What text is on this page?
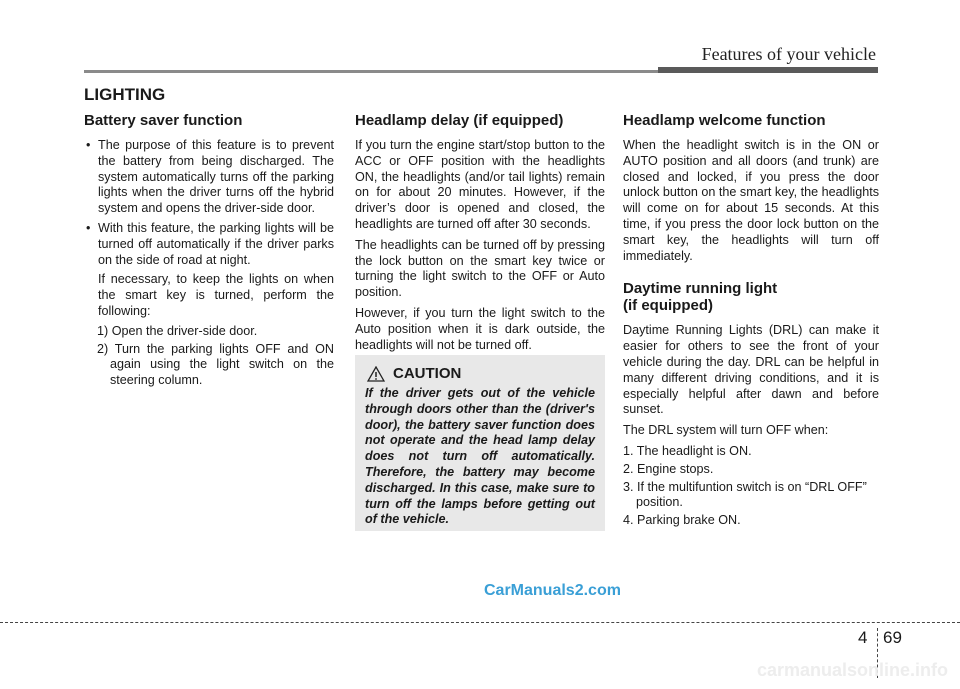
Features of your vehicle
LIGHTING
Battery saver function
• The purpose of this feature is to prevent the battery from being discharged. The system automatically turns off the parking lights when the driver turns off the hybrid system and opens the driver-side door.
• With this feature, the parking lights will be turned off automatically if the driver parks on the side of road at night.
If necessary, to keep the lights on when the smart key is turned, perform the following:
1) Open the driver-side door.
2) Turn the parking lights OFF and ON again using the light switch on the steering column.
Headlamp delay (if equipped)

If you turn the engine start/stop button to the ACC or OFF position with the headlights ON, the headlights (and/or tail lights) remain on for about 20 minutes. However, if the driver’s door is opened and closed, the headlights are turned off after 30 seconds.

The headlights can be turned off by pressing the lock button on the smart key twice or turning the light switch to the OFF or Auto position.

However, if you turn the light switch to the Auto position when it is dark outside, the headlights will not be turned off.

CAUTION
If the driver gets out of the vehicle through doors other than the (driver's door), the battery saver function does not operate and the head lamp delay does not turn off automatically. Therefore, the battery may become discharged. In this case, make sure to turn off the lamps before getting out of the vehicle.
Headlamp welcome function

When the headlight switch is in the ON or AUTO position and all doors (and trunk) are closed and locked, if you press the door unlock button on the smart key, the headlights will come on for about 15 seconds. At this time, if you press the door lock button on the smart key, the headlights will turn off immediately.

Daytime running light
(if equipped)

Daytime Running Lights (DRL) can make it easier for others to see the front of your vehicle during the day. DRL can be helpful in many different driving conditions, and it is especially helpful after dawn and before sunset.

The DRL system will turn OFF when:

1. The headlight is ON.
2. Engine stops.
3. If the multifuntion switch is on “DRL OFF” position.
4. Parking brake ON.
CarManuals2.com
4 69
carmanualsonline.info
